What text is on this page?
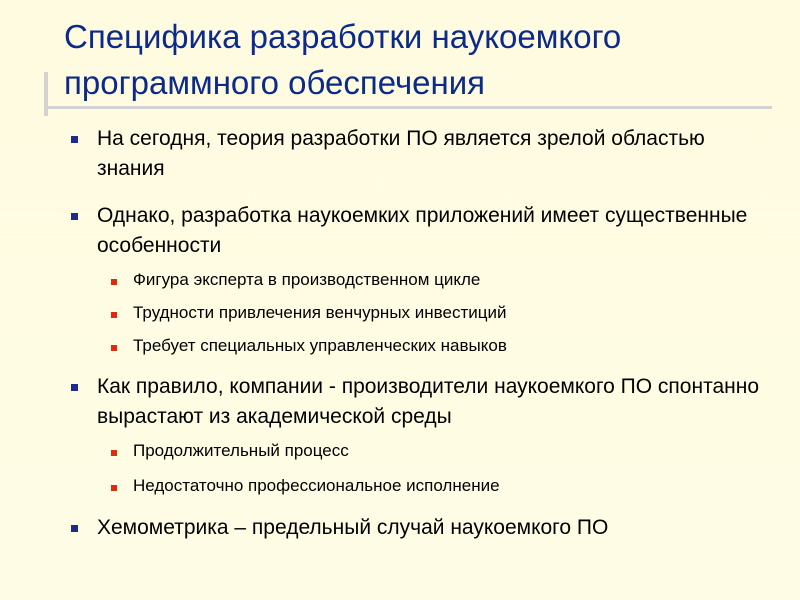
Специфика разработки наукоемкого программного обеспечения
На сегодня, теория разработки ПО является зрелой областью знания
Однако, разработка наукоемких приложений имеет существенные особенности
Фигура эксперта в производственном цикле
Трудности привлечения венчурных инвестиций
Требует специальных управленческих навыков
Как правило, компании - производители наукоемкого ПО спонтанно вырастают из академической среды
Продолжительный процесс
Недостаточно профессиональное исполнение
Хемометрика – предельный случай наукоемкого ПО
